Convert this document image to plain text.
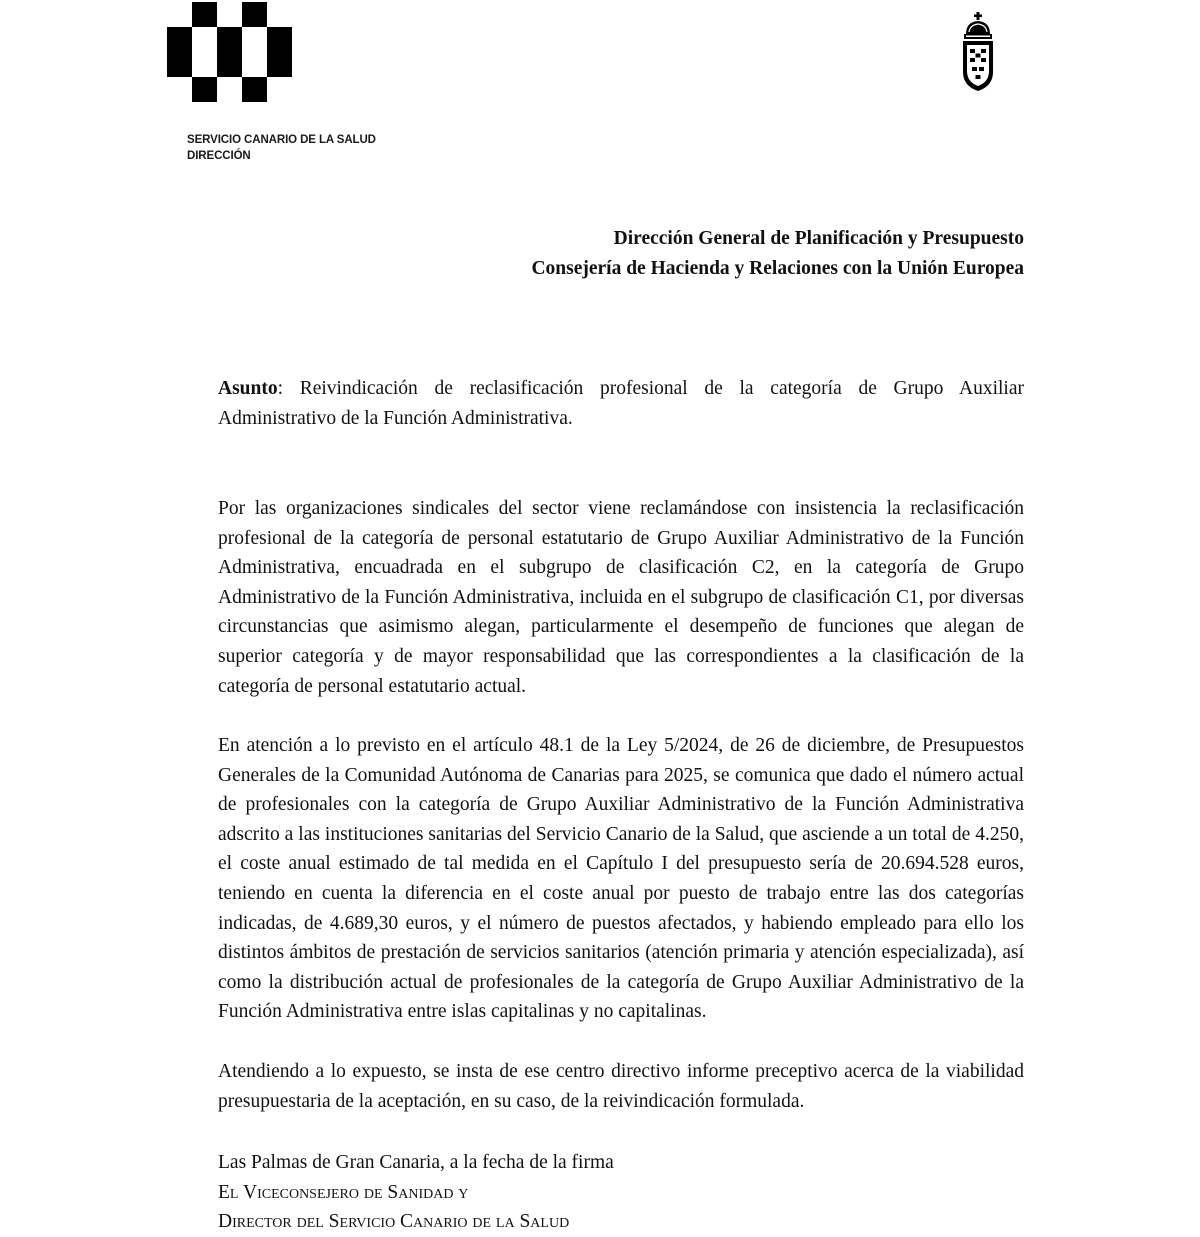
SERVICIO CANARIO DE LA SALUD
DIRECCIÓN
Dirección General de Planificación y Presupuesto
Consejería de Hacienda y Relaciones con la Unión Europea
Asunto: Reivindicación de reclasificación profesional de la categoría de Grupo Auxiliar Administrativo de la Función Administrativa.
Por las organizaciones sindicales del sector viene reclamándose con insistencia la reclasificación profesional de la categoría de personal estatutario de Grupo Auxiliar Administrativo de la Función Administrativa, encuadrada en el subgrupo de clasificación C2, en la categoría de Grupo Administrativo de la Función Administrativa, incluida en el subgrupo de clasificación C1, por diversas circunstancias que asimismo alegan, particularmente el desempeño de funciones que alegan de superior categoría y de mayor responsabilidad que las correspondientes a la clasificación de la categoría de personal estatutario actual.
En atención a lo previsto en el artículo 48.1 de la Ley 5/2024, de 26 de diciembre, de Presupuestos Generales de la Comunidad Autónoma de Canarias para 2025, se comunica que dado el número actual de profesionales con la categoría de Grupo Auxiliar Administrativo de la Función Administrativa adscrito a las instituciones sanitarias del Servicio Canario de la Salud, que asciende a un total de 4.250, el coste anual estimado de tal medida en el Capítulo I del presupuesto sería de 20.694.528 euros, teniendo en cuenta la diferencia en el coste anual por puesto de trabajo entre las dos categorías indicadas, de 4.689,30 euros, y el número de puestos afectados, y habiendo empleado para ello los distintos ámbitos de prestación de servicios sanitarios (atención primaria y atención especializada), así como la distribución actual de profesionales de la categoría de Grupo Auxiliar Administrativo de la Función Administrativa entre islas capitalinas y no capitalinas.
Atendiendo a lo expuesto, se insta de ese centro directivo informe preceptivo acerca de la viabilidad presupuestaria de la aceptación, en su caso, de la reivindicación formulada.
Las Palmas de Gran Canaria, a la fecha de la firma
El Viceconsejero de Sanidad y
Director del Servicio Canario de la Salud
